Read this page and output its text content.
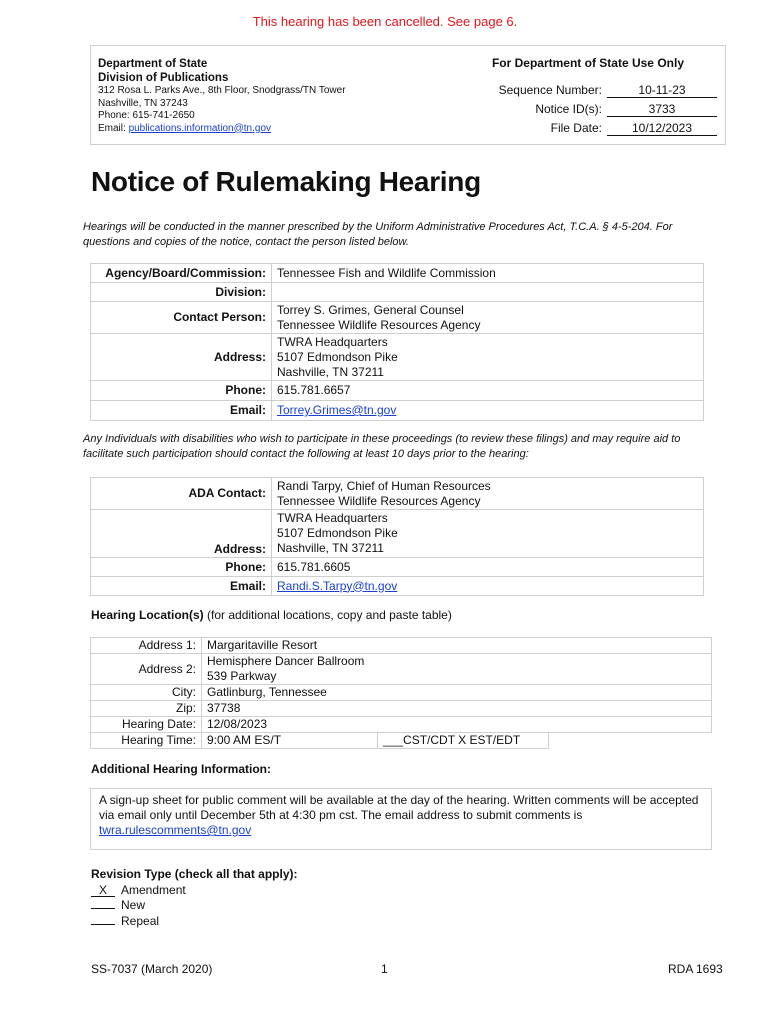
This hearing has been cancelled. See page 6.
Department of State
Division of Publications
312 Rosa L. Parks Ave., 8th Floor, Snodgrass/TN Tower
Nashville, TN 37243
Phone: 615-741-2650
Email: publications.information@tn.gov
For Department of State Use Only
Sequence Number:	10-11-23
Notice ID(s):	3733
File Date:	10/12/2023
Notice of Rulemaking Hearing
Hearings will be conducted in the manner prescribed by the Uniform Administrative Procedures Act, T.C.A. § 4-5-204. For questions and copies of the notice, contact the person listed below.
Agency/Board/Commission:	Tennessee Fish and Wildlife Commission
Division:	
Contact Person:	Torrey S. Grimes, General Counsel
Tennessee Wildlife Resources Agency

Address:	TWRA Headquarters
5107 Edmondson Pike
Nashville, TN 37211

Phone:	615.781.6657
Email:	Torrey.Grimes@tn.gov
Any Individuals with disabilities who wish to participate in these proceedings (to review these filings) and may require aid to facilitate such participation should contact the following at least 10 days prior to the hearing:
ADA Contact:	Randi Tarpy, Chief of Human Resources
Tennessee Wildlife Resources Agency

Address:	TWRA Headquarters
5107 Edmondson Pike
Nashville, TN 37211

Phone:	615.781.6605
Email:	Randi.S.Tarpy@tn.gov
Hearing Location(s) (for additional locations, copy and paste table)
Address 1:	Margaritaville Resort		
Address 2:	Hemisphere Dancer Ballroom
539 Parkway		

City:	Gatlinburg, Tennessee		
Zip:	37738		
Hearing Date:	12/08/2023		
Hearing Time:	9:00 AM ES/T	___CST/CDT X EST/EDT	
Additional Hearing Information:
A sign-up sheet for public comment will be available at the day of the hearing. Written comments will be accepted via email only until December 5th at 4:30 pm cst. The email address to submit comments is twra.rulescomments@tn.gov
Revision Type (check all that apply):
X Amendment
New
Repeal
SS-7037 (March 2020)	1	RDA 1693
